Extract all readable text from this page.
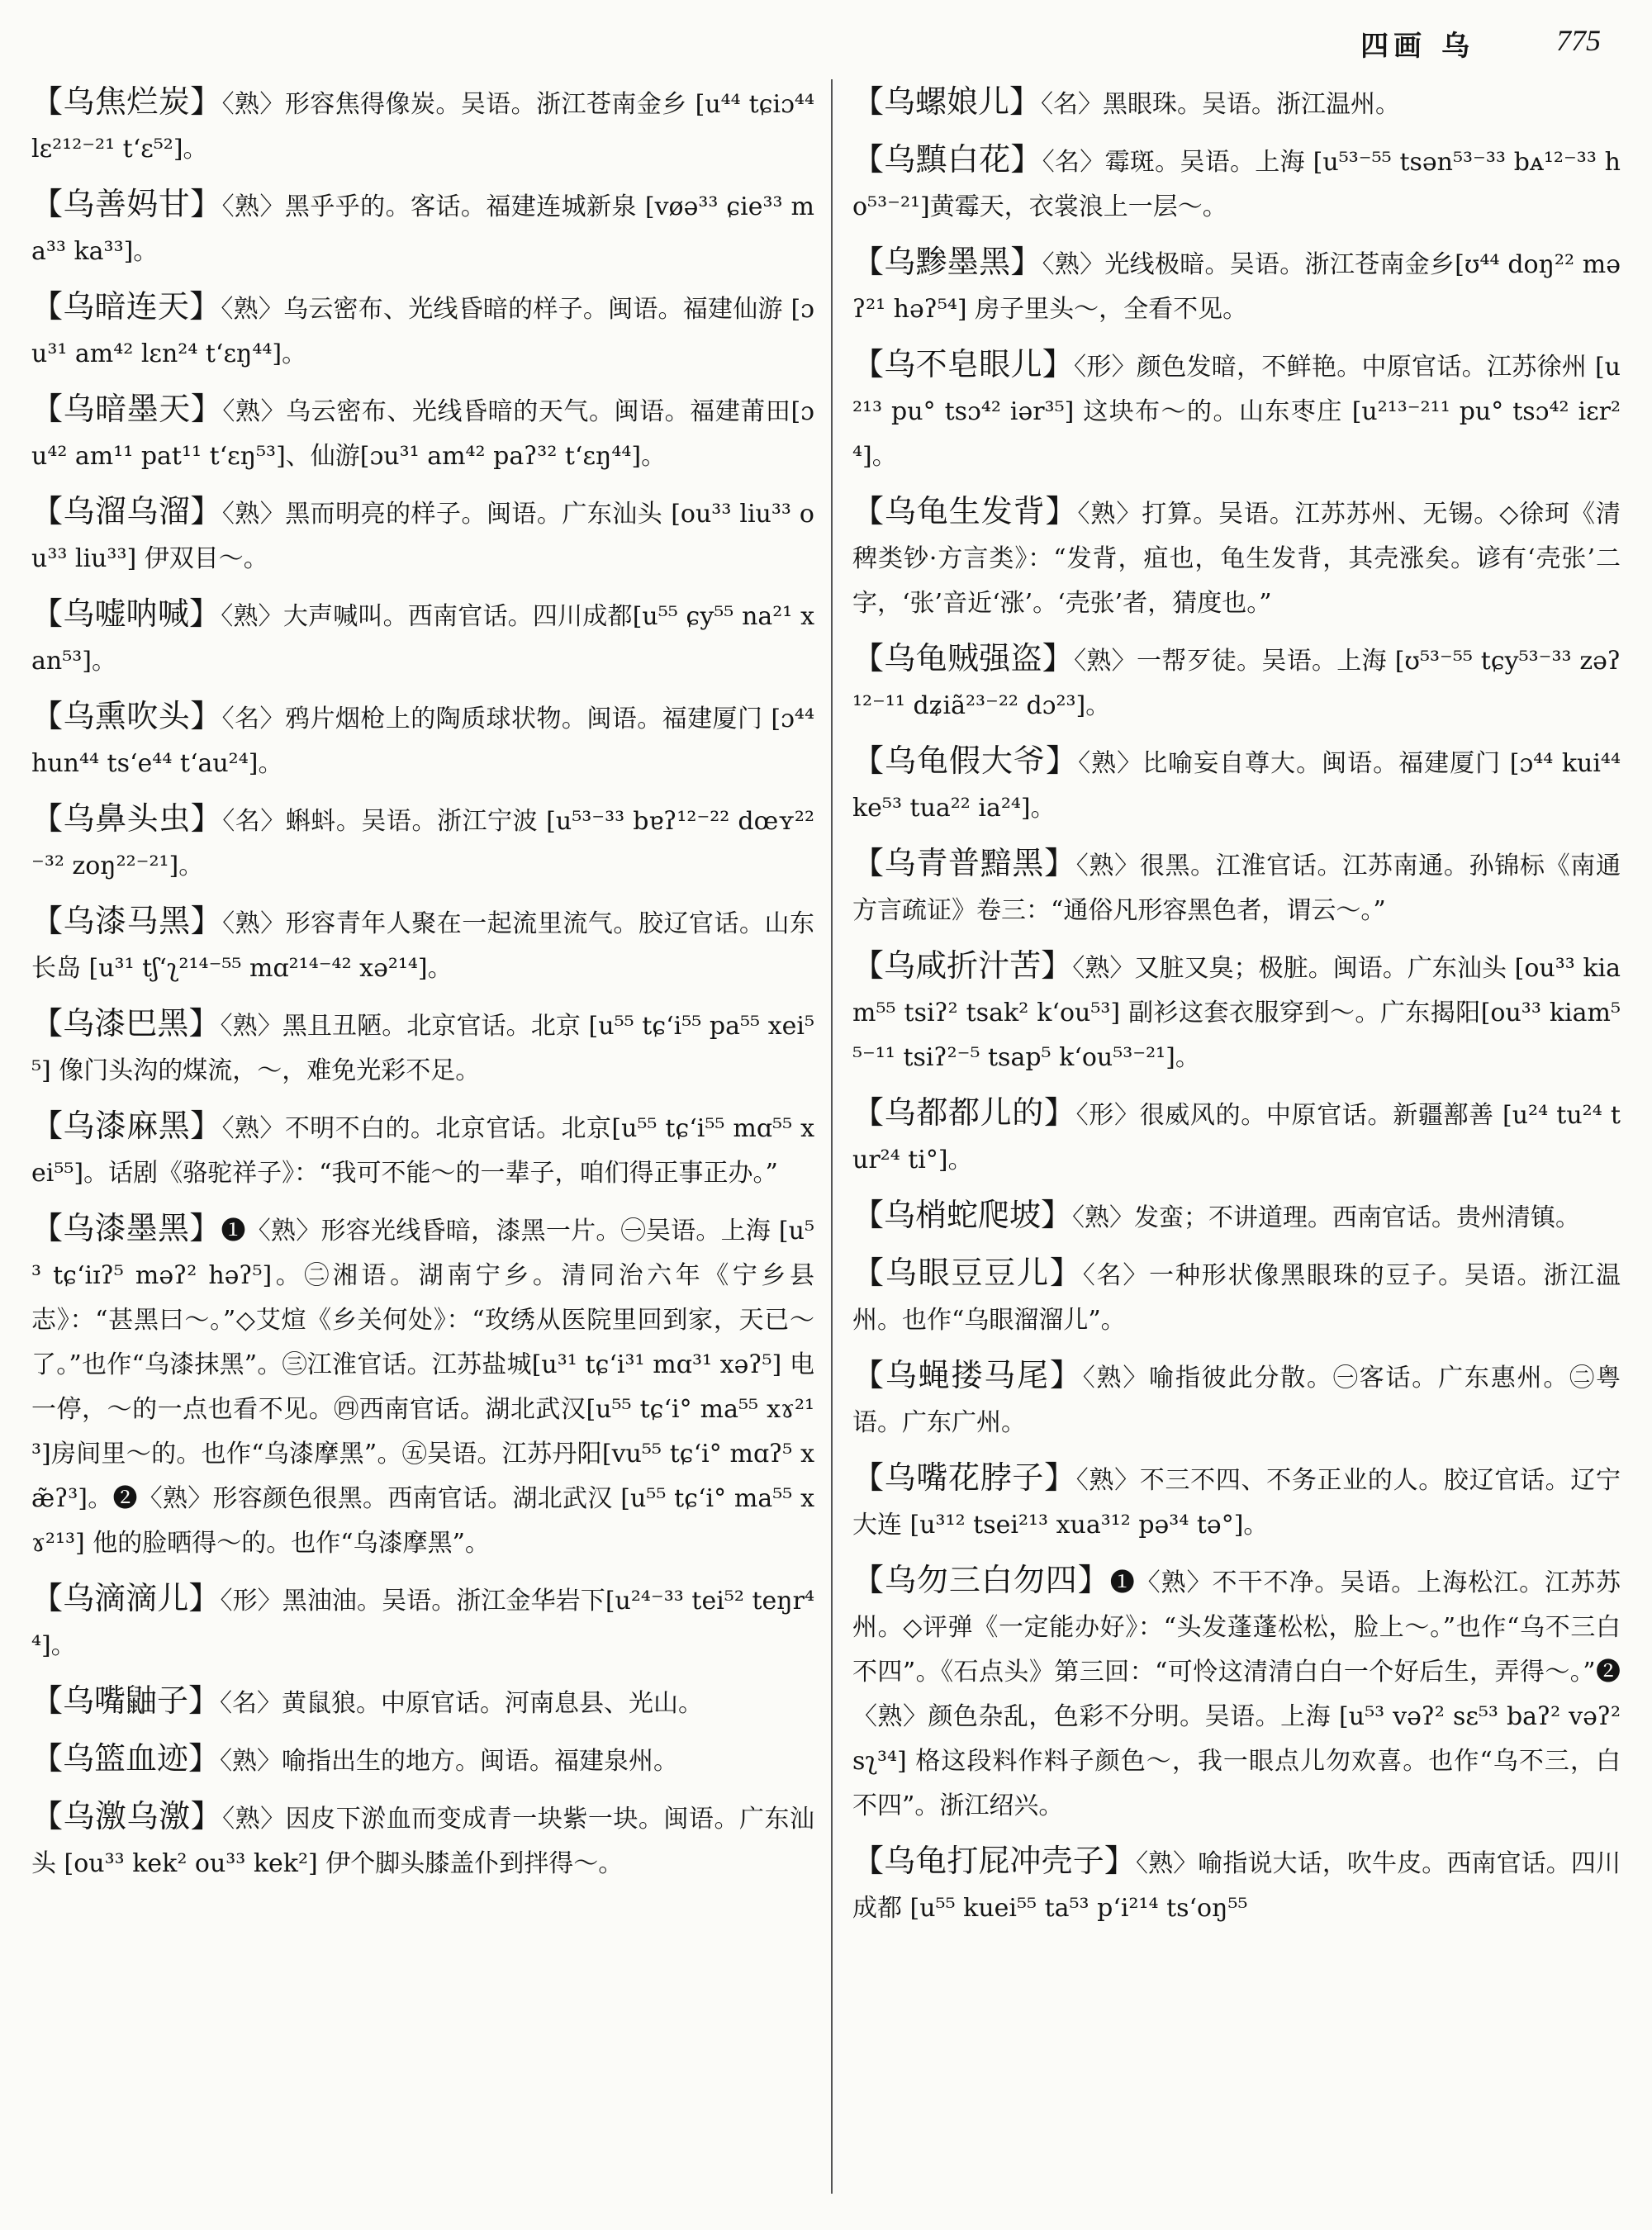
四画 乌	775
【乌焦烂炭】〈熟〉形容焦得像炭。吴语。浙江苍南金乡 [u⁴⁴ tɕiɔ⁴⁴ lɛ²¹²⁻²¹ tʻɛ⁵²]。
【乌善妈甘】〈熟〉黑乎乎的。客话。福建连城新泉 [vøə³³ ɕie³³ ma³³ ka³³]。
【乌暗连天】〈熟〉乌云密布、光线昏暗的样子。闽语。福建仙游 [ɔu³¹ am⁴² lɛn²⁴ tʻɛŋ⁴⁴]。
【乌暗墨天】〈熟〉乌云密布、光线昏暗的天气。闽语。福建莆田[ɔu⁴² am¹¹ pat¹¹ tʻɛŋ⁵³]、仙游[ɔu³¹ am⁴² paʔ³² tʻɛŋ⁴⁴]。
【乌溜乌溜】〈熟〉黑而明亮的样子。闽语。广东汕头 [ou³³ liu³³ ou³³ liu³³] 伊双目～。
【乌嘘呐喊】〈熟〉大声喊叫。西南官话。四川成都[u⁵⁵ ɕy⁵⁵ na²¹ xan⁵³]。
【乌熏吹头】〈名〉鸦片烟枪上的陶质球状物。闽语。福建厦门 [ɔ⁴⁴ hun⁴⁴ tsʻe⁴⁴ tʻau²⁴]。
【乌鼻头虫】〈名〉蝌蚪。吴语。浙江宁波 [u⁵³⁻³³ bɐʔ¹²⁻²² dœʏ²²⁻³² zoŋ²²⁻²¹]。
【乌漆马黑】〈熟〉形容青年人聚在一起流里流气。胶辽官话。山东长岛 [u³¹ tʃʻʅ²¹⁴⁻⁵⁵ mɑ²¹⁴⁻⁴² xə²¹⁴]。
【乌漆巴黑】〈熟〉黑且丑陋。北京官话。北京 [u⁵⁵ tɕʻi⁵⁵ pa⁵⁵ xei⁵⁵] 像门头沟的煤流，～，难免光彩不足。
【乌漆麻黑】〈熟〉不明不白的。北京官话。北京[u⁵⁵ tɕʻi⁵⁵ mɑ⁵⁵ xei⁵⁵]。话剧《骆驼祥子》：“我可不能～的一辈子，咱们得正事正办。”
【乌漆墨黑】❶〈熟〉形容光线昏暗，漆黑一片。㊀吴语。上海 [u⁵³ tɕʻiɪʔ⁵ məʔ² həʔ⁵]。㊁湘语。湖南宁乡。清同治六年《宁乡县志》：“甚黑曰～。”◇艾煊《乡关何处》：“玫绣从医院里回到家，天已～了。”也作“乌漆抹黑”。㊂江淮官话。江苏盐城[u³¹ tɕʻi³¹ mɑ³¹ xəʔ⁵] 电一停，～的一点也看不见。㊃西南官话。湖北武汉[u⁵⁵ tɕʻi° ma⁵⁵ xɤ²¹³]房间里～的。也作“乌漆摩黑”。㊄吴语。江苏丹阳[vu⁵⁵ tɕʻi° mɑʔ⁵ xæ̃ʔ³]。❷〈熟〉形容颜色很黑。西南官话。湖北武汉 [u⁵⁵ tɕʻi° ma⁵⁵ xɤ²¹³] 他的脸晒得～的。也作“乌漆摩黑”。
【乌滴滴儿】〈形〉黑油油。吴语。浙江金华岩下[u²⁴⁻³³ tei⁵² teŋr⁴⁴]。
【乌嘴鼬子】〈名〉黄鼠狼。中原官话。河南息县、光山。
【乌篮血迹】〈熟〉喻指出生的地方。闽语。福建泉州。
【乌激乌激】〈熟〉因皮下淤血而变成青一块紫一块。闽语。广东汕头 [ou³³ kek² ou³³ kek²] 伊个脚头膝盖仆到拌得～。
【乌螺娘儿】〈名〉黑眼珠。吴语。浙江温州。
【乌黰白花】〈名〉霉斑。吴语。上海 [u⁵³⁻⁵⁵ tsən⁵³⁻³³ bᴀ¹²⁻³³ ho⁵³⁻²¹]黄霉天，衣裳浪上一层～。
【乌黪墨黑】〈熟〉光线极暗。吴语。浙江苍南金乡[ʊ⁴⁴ doŋ²² məʔ²¹ həʔ⁵⁴] 房子里头～，全看不见。
【乌不皂眼儿】〈形〉颜色发暗，不鲜艳。中原官话。江苏徐州 [u²¹³ pu° tsɔ⁴² iər³⁵] 这块布～的。山东枣庄 [u²¹³⁻²¹¹ pu° tsɔ⁴² iɛr²⁴]。
【乌龟生发背】〈熟〉打算。吴语。江苏苏州、无锡。◇徐珂《清稗类钞·方言类》：“发背，疽也，龟生发背，其壳涨矣。谚有‘壳张’二字，‘张’音近‘涨’。‘壳张’者，猜度也。”
【乌龟贼强盗】〈熟〉一帮歹徒。吴语。上海 [ʊ⁵³⁻⁵⁵ tɕy⁵³⁻³³ zəʔ¹²⁻¹¹ dʑiã²³⁻²² dɔ²³]。
【乌龟假大爷】〈熟〉比喻妄自尊大。闽语。福建厦门 [ɔ⁴⁴ kui⁴⁴ ke⁵³ tua²² ia²⁴]。
【乌青普黯黑】〈熟〉很黑。江淮官话。江苏南通。孙锦标《南通方言疏证》卷三：“通俗凡形容黑色者，谓云～。”
【乌咸折汁苦】〈熟〉又脏又臭；极脏。闽语。广东汕头 [ou³³ kiam⁵⁵ tsiʔ² tsak² kʻou⁵³] 副衫这套衣服穿到～。广东揭阳[ou³³ kiam⁵⁵⁻¹¹ tsiʔ²⁻⁵ tsap⁵ kʻou⁵³⁻²¹]。
【乌都都儿的】〈形〉很威风的。中原官话。新疆鄯善 [u²⁴ tu²⁴ tur²⁴ ti°]。
【乌梢蛇爬坡】〈熟〉发蛮；不讲道理。西南官话。贵州清镇。
【乌眼豆豆儿】〈名〉一种形状像黑眼珠的豆子。吴语。浙江温州。也作“乌眼溜溜儿”。
【乌蝇搂马尾】〈熟〉喻指彼此分散。㊀客话。广东惠州。㊁粤语。广东广州。
【乌嘴花脖子】〈熟〉不三不四、不务正业的人。胶辽官话。辽宁大连 [u³¹² tsei²¹³ xua³¹² pə³⁴ tə°]。
【乌勿三白勿四】❶〈熟〉不干不净。吴语。上海松江。江苏苏州。◇评弹《一定能办好》：“头发蓬蓬松松，脸上～。”也作“乌不三白不四”。《石点头》第三回：“可怜这清清白白一个好后生，弄得～。”❷〈熟〉颜色杂乱，色彩不分明。吴语。上海 [u⁵³ vəʔ² sɛ⁵³ baʔ² vəʔ² sʅ³⁴] 格这段料作料子颜色～，我一眼点儿勿欢喜。也作“乌不三，白不四”。浙江绍兴。
【乌龟打屁冲壳子】〈熟〉喻指说大话，吹牛皮。西南官话。四川成都 [u⁵⁵ kuei⁵⁵ ta⁵³ pʻi²¹⁴ tsʻoŋ⁵⁵
